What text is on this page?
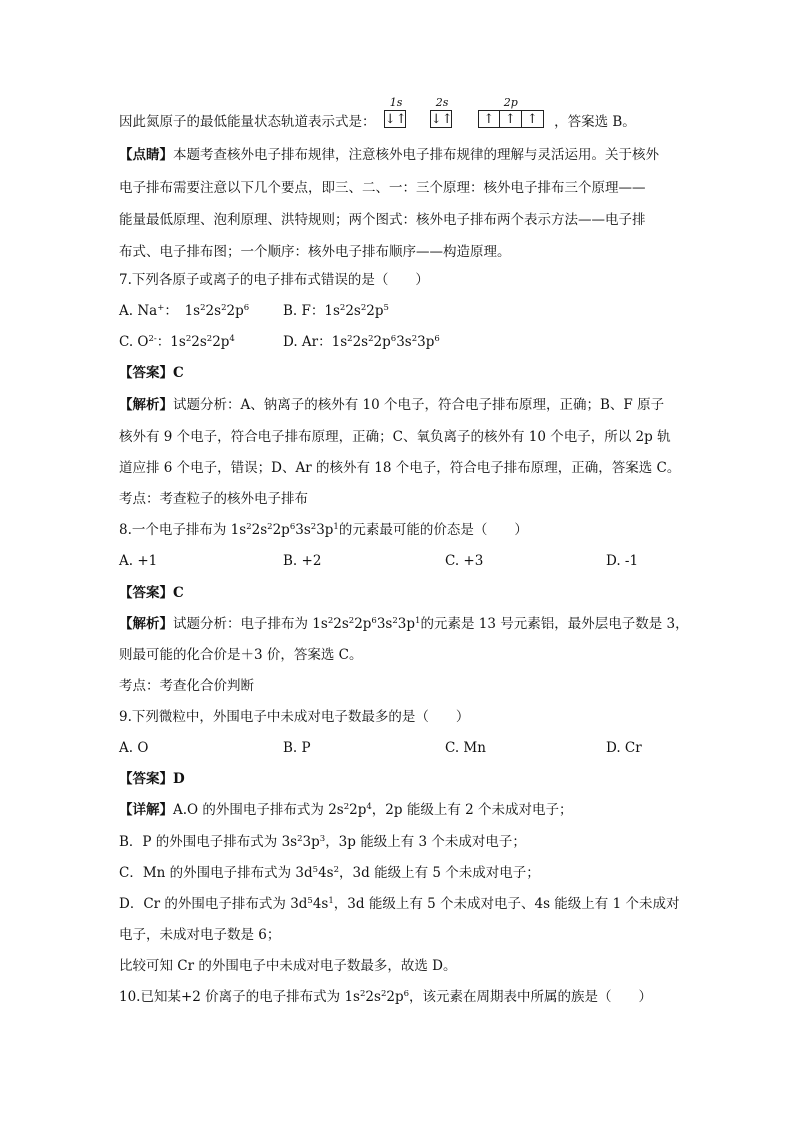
因此氮原子的最低能量状态轨道表示式是：
1s
↓↑
2s
↓↑
2p
↑ ↑ ↑	，答案选 B。
【点睛】本题考查核外电子排布规律，注意核外电子排布规律的理解与灵活运用。关于核外
电子排布需要注意以下几个要点，即三、二、一：三个原理：核外电子排布三个原理——
能量最低原理、泡利原理、洪特规则；两个图式：核外电子排布两个表示方法——电子排
布式、电子排布图；一个顺序：核外电子排布顺序——构造原理。
7.下列各原子或离子的电子排布式错误的是（　　）
A. Na+：　$1s^22s^22p^6$	B. F：$1s^22s^22p^5$
C. $O^{2-}$：$1s^22s^22p^4$	D. Ar：$1s^22s^22p^63s^23p^6$
【答案】C
【解析】试题分析：A、钠离子的核外有 10 个电子，符合电子排布原理，正确；B、F 原子
核外有 9 个电子，符合电子排布原理，正确；C、氧负离子的核外有 10 个电子，所以 2p 轨
道应排 6 个电子，错误；D、Ar 的核外有 18 个电子，符合电子排布原理，正确，答案选 C。
考点：考查粒子的核外电子排布
8.一个电子排布为 $1s^22s^22p^63s^23p^1$的元素最可能的价态是（　　）
A. +1	B. +2	C. +3	D. -1
【答案】C
【解析】试题分析：电子排布为 $1s^22s^22p^63s^23p^1$的元素是 13 号元素铝，最外层电子数是 3，
则最可能的化合价是＋3 价，答案选 C。
考点：考查化合价判断
9.下列微粒中，外围电子中未成对电子数最多的是（　　）
A. O	B. P	C. Mn	D. Cr
【答案】D
【详解】A.O 的外围电子排布式为 $2s^22p^4$，2p 能级上有 2 个未成对电子；
B．P 的外围电子排布式为 $3s^23p^3$，3p 能级上有 3 个未成对电子；
C．Mn 的外围电子排布式为 $3d^54s^2$，3d 能级上有 5 个未成对电子；
D．Cr 的外围电子排布式为 $3d^54s^1$，3d 能级上有 5 个未成对电子、4s 能级上有 1 个未成对
电子，未成对电子数是 6；
比较可知 Cr 的外围电子中未成对电子数最多，故选 D。
10.已知某+2 价离子的电子排布式为 $1s^22s^22p^6$，该元素在周期表中所属的族是（　　）
